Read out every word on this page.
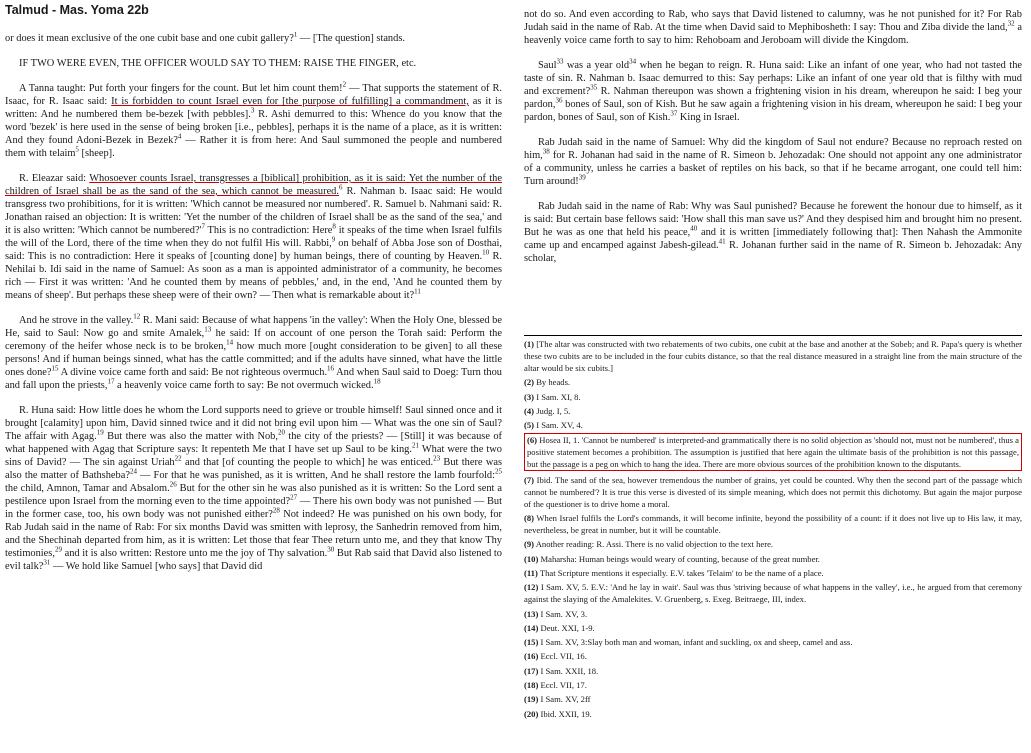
Talmud - Mas. Yoma 22b

or does it mean exclusive of the one cubit base and one cubit gallery?$^1$ — [The question] stands.

IF TWO WERE EVEN, THE OFFICER WOULD SAY TO THEM: RAISE THE FINGER, etc.

A Tanna taught: Put forth your fingers for the count. But let him count them!$^2$ — That supports the statement of R. Isaac, for R. Isaac said: It is forbidden to count Israel even for [the purpose of fulfilling] a commandment, as it is written: And he numbered them be-bezek [with pebbles].$^3$ R. Ashi demurred to this: Whence do you know that the word 'bezek' is here used in the sense of being broken [i.e., pebbles], perhaps it is the name of a place, as it is written: And they found Adoni-Bezek in Bezek?$^4$ — Rather it is from here: And Saul summoned the people and numbered them with telaim$^5$ [sheep].

R. Eleazar said: Whosoever counts Israel, transgresses a [biblical] prohibition, as it is said: Yet the number of the children of Israel shall be as the sand of the sea, which cannot be measured.$^6$ R. Nahman b. Isaac said: He would transgress two prohibitions, for it is written: 'Which cannot be measured nor numbered'. R. Samuel b. Nahmani said: R. Jonathan raised an objection: It is written: 'Yet the number of the children of Israel shall be as the sand of the sea,' and it is also written: 'Which cannot be $numbered?'^7$ This is no contradiction: Here$^8$ it speaks of the time when Israel fulfils the will of the Lord, there of the time when they do not fulfil His will. Rabbi,$^9$ on behalf of Abba Jose son of Dosthai, said: This is no contradiction: Here it speaks of [counting done] by human beings, there of counting by Heaven.$^{10}$ R. Nehilai b. Idi said in the name of Samuel: As soon as a man is appointed administrator of a community, he becomes rich — First it was written: 'And he counted them by means of pebbles,' and, in the end, 'And he counted them by means of sheep'. But perhaps these sheep were of their own? — Then what is remarkable about it?$^{11}$

And he strove in the valley.$^{12}$ R. Mani said: Because of what happens 'in the valley': When the Holy One, blessed be He, said to Saul: Now go and smite Amalek,$^{13}$ he said: If on account of one person the Torah said: Perform the ceremony of the heifer whose neck is to be broken,$^{14}$ how much more [ought consideration to be given] to all these persons! And if human beings sinned, what has the cattle committed; and if the adults have sinned, what have the little ones done?$^{15}$ A divine voice came forth and said: Be not righteous overmuch.$^{16}$ And when Saul said to Doeg: Turn thou and fall upon the priests,$^{17}$ a heavenly voice came forth to say: Be not overmuch wicked.$^{18}$

R. Huna said: How little does he whom the Lord supports need to grieve or trouble himself! Saul sinned once and it brought [calamity] upon him, David sinned twice and it did not bring evil upon him — What was the one sin of Saul? The affair with Agag.$^{19}$ But there was also the matter with Nob,$^{20}$ the city of the priests? — [Still] it was because of what happened with Agag that Scripture says: It repenteth Me that I have set up Saul to be king.$^{21}$ What were the two sins of David? — The sin against Uriah$^{22}$ and that [of counting the people to which] he was enticed.$^{23}$ But there was also the matter of Bathsheba?$^{24}$ — For that he was punished, as it is written, And he shall restore the lamb fourfold:$^{25}$ the child, Amnon, Tamar and Absalom.$^{26}$ But for the other sin he was also punished as it is written: So the Lord sent a pestilence upon Israel from the morning even to the time appointed?$^{27}$ — There his own body was not punished — But in the former case, too, his own body was not punished either?$^{28}$ Not indeed? He was punished on his own body, for Rab Judah said in the name of Rab: For six months David was smitten with leprosy, the Sanhedrin removed from him, and the Shechinah departed from him, as it is written: Let those that fear Thee return unto me, and they that know Thy testimonies,$^{29}$ and it is also written: Restore unto me the joy of Thy salvation.$^{30}$ But Rab said that David also listened to evil talk?$^{31}$ — We hold like Samuel [who says] that David did

not do so. And even according to Rab, who says that David listened to calumny, was he not punished for it? For Rab Judah said in the name of Rab. At the time when David said to Mephibosheth: I say: Thou and Ziba divide the land,$^{32}$ a heavenly voice came forth to say to him: Rehoboam and Jeroboam will divide the Kingdom.

Saul$^{33}$ was a year old$^{34}$ when he began to reign. R. Huna said: Like an infant of one year, who had not tasted the taste of sin. R. Nahman b. Isaac demurred to this: Say perhaps: Like an infant of one year old that is filthy with mud and excrement?$^{35}$ R. Nahman thereupon was shown a frightening vision in his dream, whereupon he said: I beg your pardon,$^{36}$ bones of Saul, son of Kish. But he saw again a frightening vision in his dream, whereupon he said: I beg your pardon, bones of Saul, son of Kish.$^{37}$ King in Israel.

Rab Judah said in the name of Samuel: Why did the kingdom of Saul not endure? Because no reproach rested on him,$^{38}$ for R. Johanan had said in the name of R. Simeon b. Jehozadak: One should not appoint any one administrator of a community, unless he carries a basket of reptiles on his back, so that if he became arrogant, one could tell him: Turn around!$^{39}$

Rab Judah said in the name of Rab: Why was Saul punished? Because he forewent the honour due to himself, as it is said: But certain base fellows said: 'How shall this man save us?' And they despised him and brought him no present. But he was as one that held his peace,$^{40}$ and it is written [immediately following that]: Then Nahash the Ammonite came up and encamped against Jabesh-gilead.$^{41}$ R. Johanan further said in the name of R. Simeon b. Jehozadak: Any scholar,

(1) [The altar was constructed with two rebatements of two cubits, one cubit at the base and another at the Sobeb; and R. Papa's query is whether these two cubits are to be included in the four cubits distance, so that the real distance measured in a straight line from the main structure of the altar would be six cubits.]
(2) By heads.
(3) I Sam. XI, 8.
(4) Judg. I, 5.
(5) I Sam. XV, 4.
(6) Hosea II, 1. 'Cannot be numbered' is interpreted-and grammatically there is no solid objection as 'should not, must not be numbered', thus a positive statement becomes a prohibition. The assumption is justified that here again the ultimate basis of the prohibition is not this passage, but the passage is a peg on which to hang the idea. There are more obvious sources of the prohibition known to the disputants.
(7) Ibid. The sand of the sea, however tremendous the number of grains, yet could be counted. Why then the second part of the passage which cannot be numbered'? It is true this verse is divested of its simple meaning, which does not permit this dichotomy. But again the major purpose of the questioner is to drive home a moral.
(8) When Israel fulfils the Lord's commands, it will become infinite, beyond the possibility of a count: if it does not live up to His law, it may, nevertheless, be great in number, but it will be countable.
(9) Another reading: R. Assi. There is no valid objection to the text here.
(10) Maharsha: Human beings would weary of counting, because of the great number.
(11) That Scripture mentions it especially. E.V. takes 'Telaim' to be the name of a place.
(12) I Sam. XV, 5. E.V.: 'And he lay in wait'. Saul was thus 'striving because of what happens in the valley', i.e., he argued from that ceremony against the slaying of the Amalekites. V. Gruenberg, s. Exeg. Beitraege, III, index.
(13) I Sam. XV, 3.
(14) Deut. XXI, 1-9.
(15) I Sam. XV, 3:Slay both man and woman, infant and suckling, ox and sheep, camel and ass.
(16) Eccl. VII, 16.
(17) I Sam. XXII, 18.
(18) Eccl. VII, 17.
(19) I Sam. XV, 2ff
(20) Ibid. XXII, 19.
